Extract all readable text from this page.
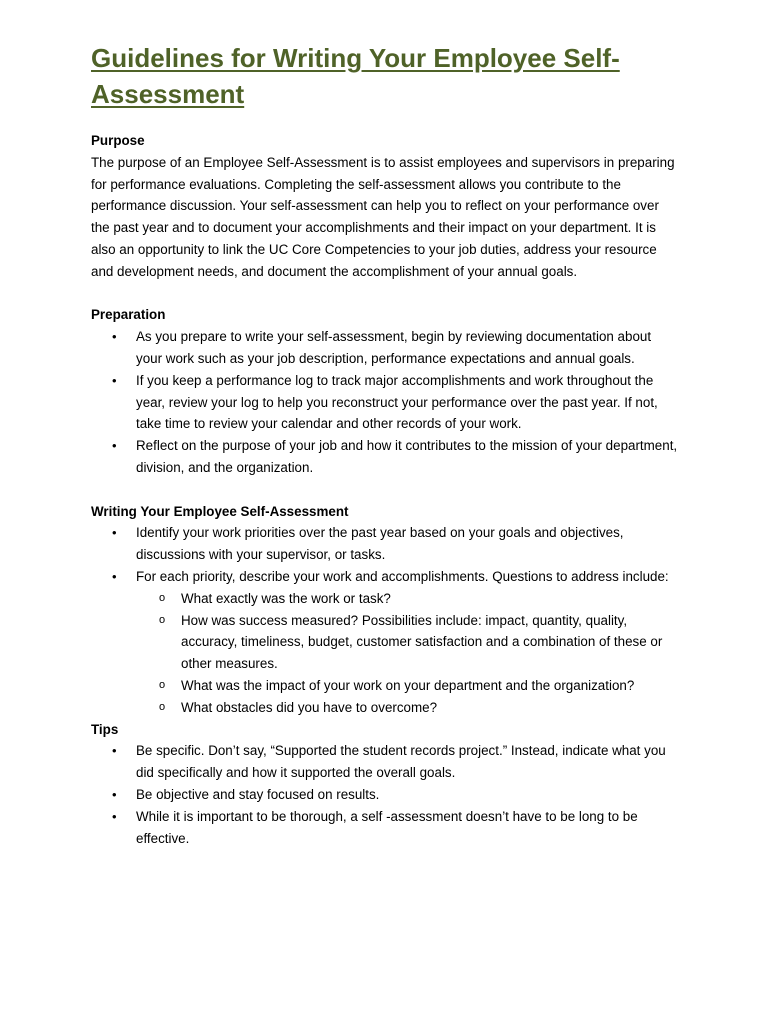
Guidelines for Writing Your Employee Self-
Assessment

Purpose

The purpose of an Employee Self-Assessment is to assist employees and supervisors in preparing for performance evaluations. Completing the self-assessment allows you contribute to the performance discussion. Your self-assessment can help you to reflect on your performance over the past year and to document your accomplishments and their impact on your department. It is also an opportunity to link the UC Core Competencies to your job duties, address your resource and development needs, and document the accomplishment of your annual goals.

Preparation

• As you prepare to write your self-assessment, begin by reviewing documentation about your work such as your job description, performance expectations and annual goals.
• If you keep a performance log to track major accomplishments and work throughout the year, review your log to help you reconstruct your performance over the past year. If not, take time to review your calendar and other records of your work.
• Reflect on the purpose of your job and how it contributes to the mission of your department, division, and the organization.

Writing Your Employee Self-Assessment

• Identify your work priorities over the past year based on your goals and objectives, discussions with your supervisor, or tasks.
• For each priority, describe your work and accomplishments. Questions to address include:
o What exactly was the work or task?
o How was success measured? Possibilities include: impact, quantity, quality, accuracy, timeliness, budget, customer satisfaction and a combination of these or other measures.
o What was the impact of your work on your department and the organization?
o What obstacles did you have to overcome?

Tips

• Be specific. Don’t say, “Supported the student records project.” Instead, indicate what you did specifically and how it supported the overall goals.
• Be objective and stay focused on results.
• While it is important to be thorough, a self -assessment doesn’t have to be long to be effective.
